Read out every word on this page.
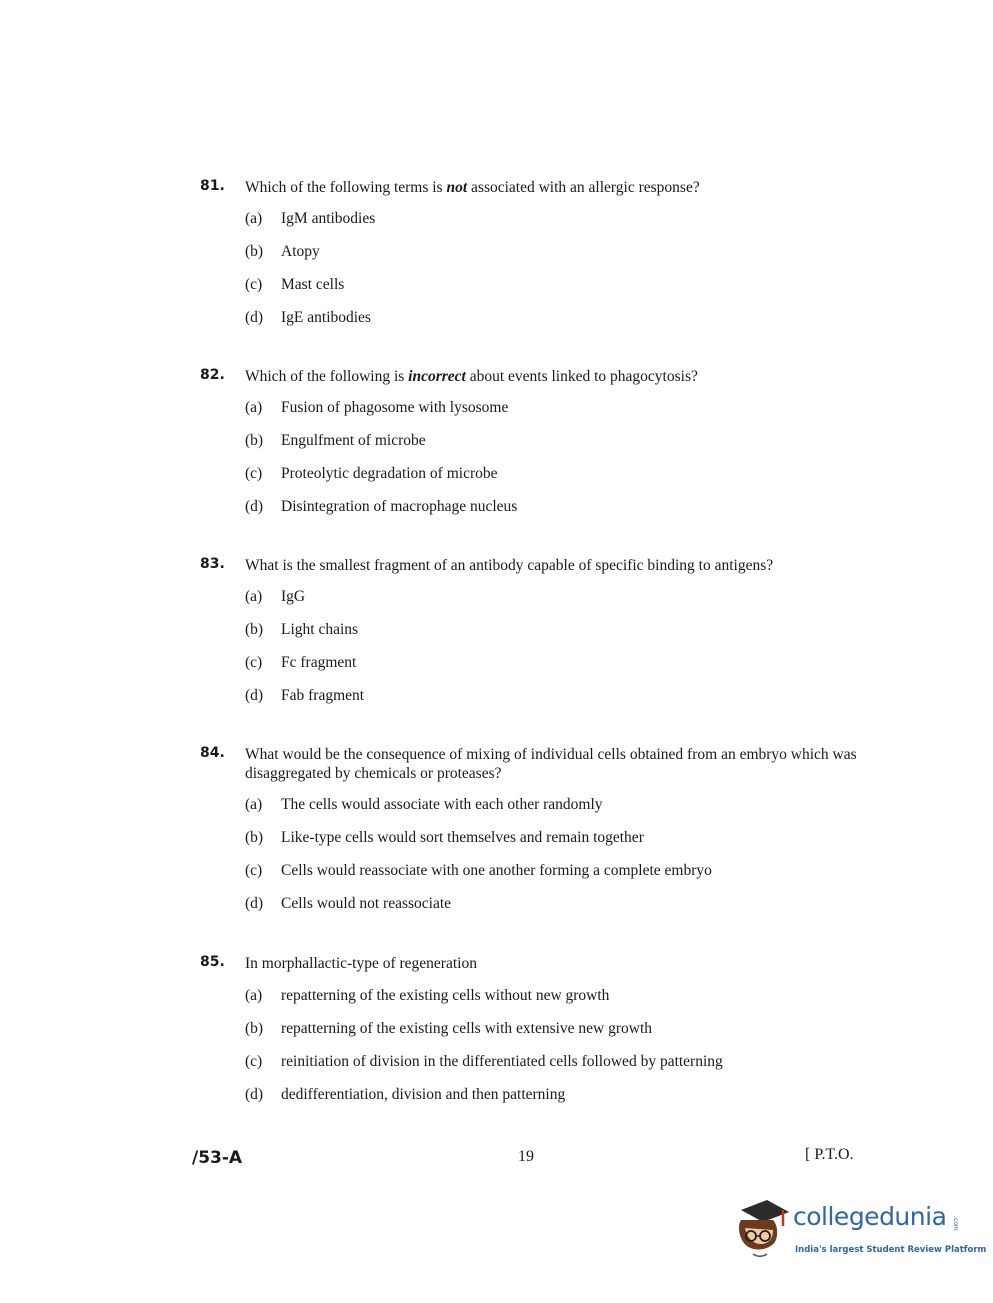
81. Which of the following terms is not associated with an allergic response?
(a)	IgM antibodies
(b)	Atopy
(c)	Mast cells
(d)	IgE antibodies
82. Which of the following is incorrect about events linked to phagocytosis?
(a)	Fusion of phagosome with lysosome
(b)	Engulfment of microbe
(c)	Proteolytic degradation of microbe
(d)	Disintegration of macrophage nucleus
83. What is the smallest fragment of an antibody capable of specific binding to antigens?
(a)	IgG
(b)	Light chains
(c)	Fc fragment
(d)	Fab fragment
84. What would be the consequence of mixing of individual cells obtained from an embryo which was disaggregated by chemicals or proteases?
(a)	The cells would associate with each other randomly
(b)	Like-type cells would sort themselves and remain together
(c)	Cells would reassociate with one another forming a complete embryo
(d)	Cells would not reassociate
85. In morphallactic-type of regeneration
(a)	repatterning of the existing cells without new growth
(b)	repatterning of the existing cells with extensive new growth
(c)	reinitiation of division in the differentiated cells followed by patterning
(d)	dedifferentiation, division and then patterning
/53-A	19	[ P.T.O.
collegedunia .com
India's largest Student Review Platform
